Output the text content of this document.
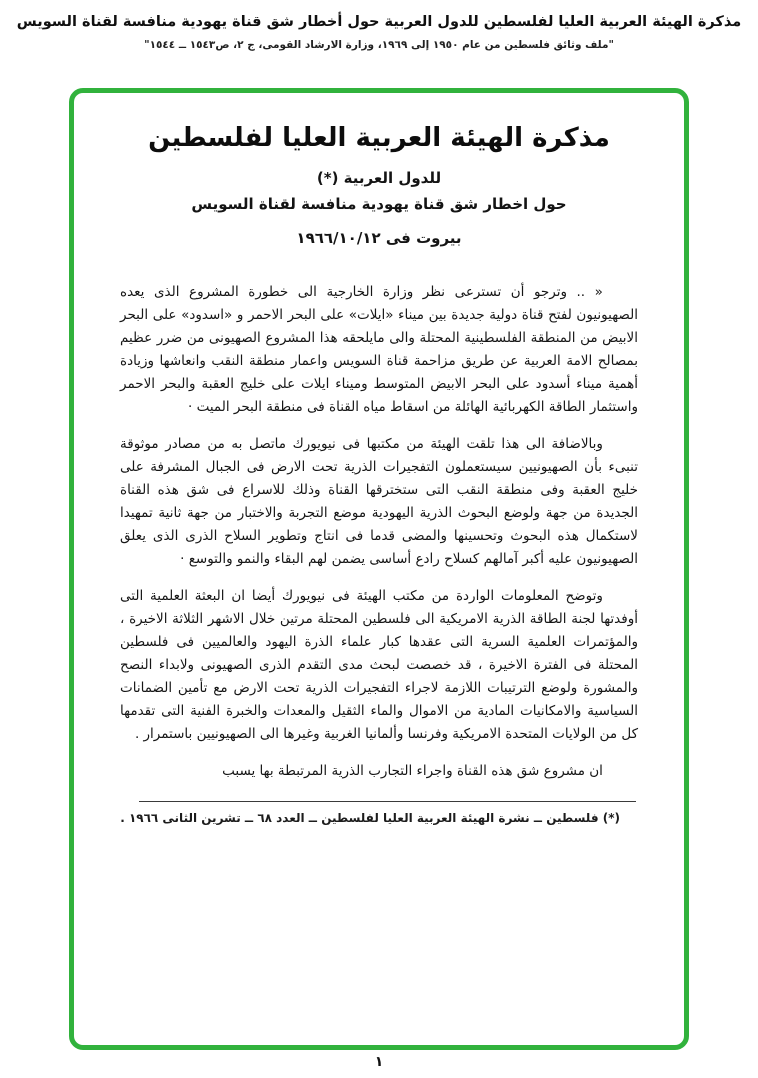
مذكرة الهيئة العربية العليا لفلسطين للدول العربية حول أخطار شق قناة يهودية منافسة لقناة السويس
"ملف وثائق فلسطين من عام ١٩٥٠ إلى ١٩٦٩، وزارة الارشاد القومى، ج ٢، ص١٥٤٣ ــ ١٥٤٤"
مذكرة الهيئة العربية العليا لفلسطين
للدول العربية (*)
حول اخطار شق قناة يهودية منافسة لقناة السويس
بيروت فى ١٩٦٦/١٠/١٢

« .. وترجو أن تسترعى نظر وزارة الخارجية الى خطورة المشروع الذى يعده الصهيونيون لفتح قناة دولية جديدة بين ميناء «ايلات» على البحر الاحمر و «اسدود» على البحر الابيض من المنطقة الفلسطينية المحتلة والى مايلحقه هذا المشروع الصهيونى من ضرر عظيم بمصالح الامة العربية عن طريق مزاحمة قناة السويس واعمار منطقة النقب وانعاشها وزيادة أهمية ميناء أسدود على البحر الابيض المتوسط وميناء ايلات على خليج العقبة والبحر الاحمر واستثمار الطاقة الكهربائية الهائلة من اسقاط مياه القناة فى منطقة البحر الميت ·

وبالاضافة الى هذا تلقت الهيئة من مكتبها فى نيويورك ماتصل به من مصادر موثوقة تنبىء بأن الصهيونيين سيستعملون التفجيرات الذرية تحت الارض فى الجبال المشرفة على خليج العقبة وفى منطقة النقب التى ستخترقها القناة وذلك للاسراع فى شق هذه القناة الجديدة من جهة ولوضع البحوث الذرية اليهودية موضع التجربة والاختبار من جهة ثانية تمهيدا لاستكمال هذه البحوث وتحسينها والمضى قدما فى انتاج وتطوير السلاح الذرى الذى يعلق الصهيونيون عليه أكبر آمالهم كسلاح رادع أساسى يضمن لهم البقاء والنمو والتوسع ·

وتوضح المعلومات الواردة من مكتب الهيئة فى نيويورك أيضا ان البعثة العلمية التى أوفدتها لجنة الطاقة الذرية الامريكية الى فلسطين المحتلة مرتين خلال الاشهر الثلاثة الاخيرة ، والمؤتمرات العلمية السرية التى عقدها كبار علماء الذرة اليهود والعالميين فى فلسطين المحتلة فى الفترة الاخيرة ، قد خصصت لبحث مدى التقدم الذرى الصهيونى ولابداء النصح والمشورة ولوضع الترتيبات اللازمة لاجراء التفجيرات الذرية تحت الارض مع تأمين الضمانات السياسية والامكانيات المادية من الاموال والماء الثقيل والمعدات والخبرة الفنية التى تقدمها كل من الولايات المتحدة الامريكية وفرنسا وألمانيا الغربية وغيرها الى الصهيونيين باستمرار .

ان مشروع شق هذه القناة واجراء التجارب الذرية المرتبطة بها يسبب

(*) فلسطين ــ نشرة الهيئة العربية العليا لفلسطين ــ العدد ٦٨ ــ تشرين الثانى ١٩٦٦ .
١
